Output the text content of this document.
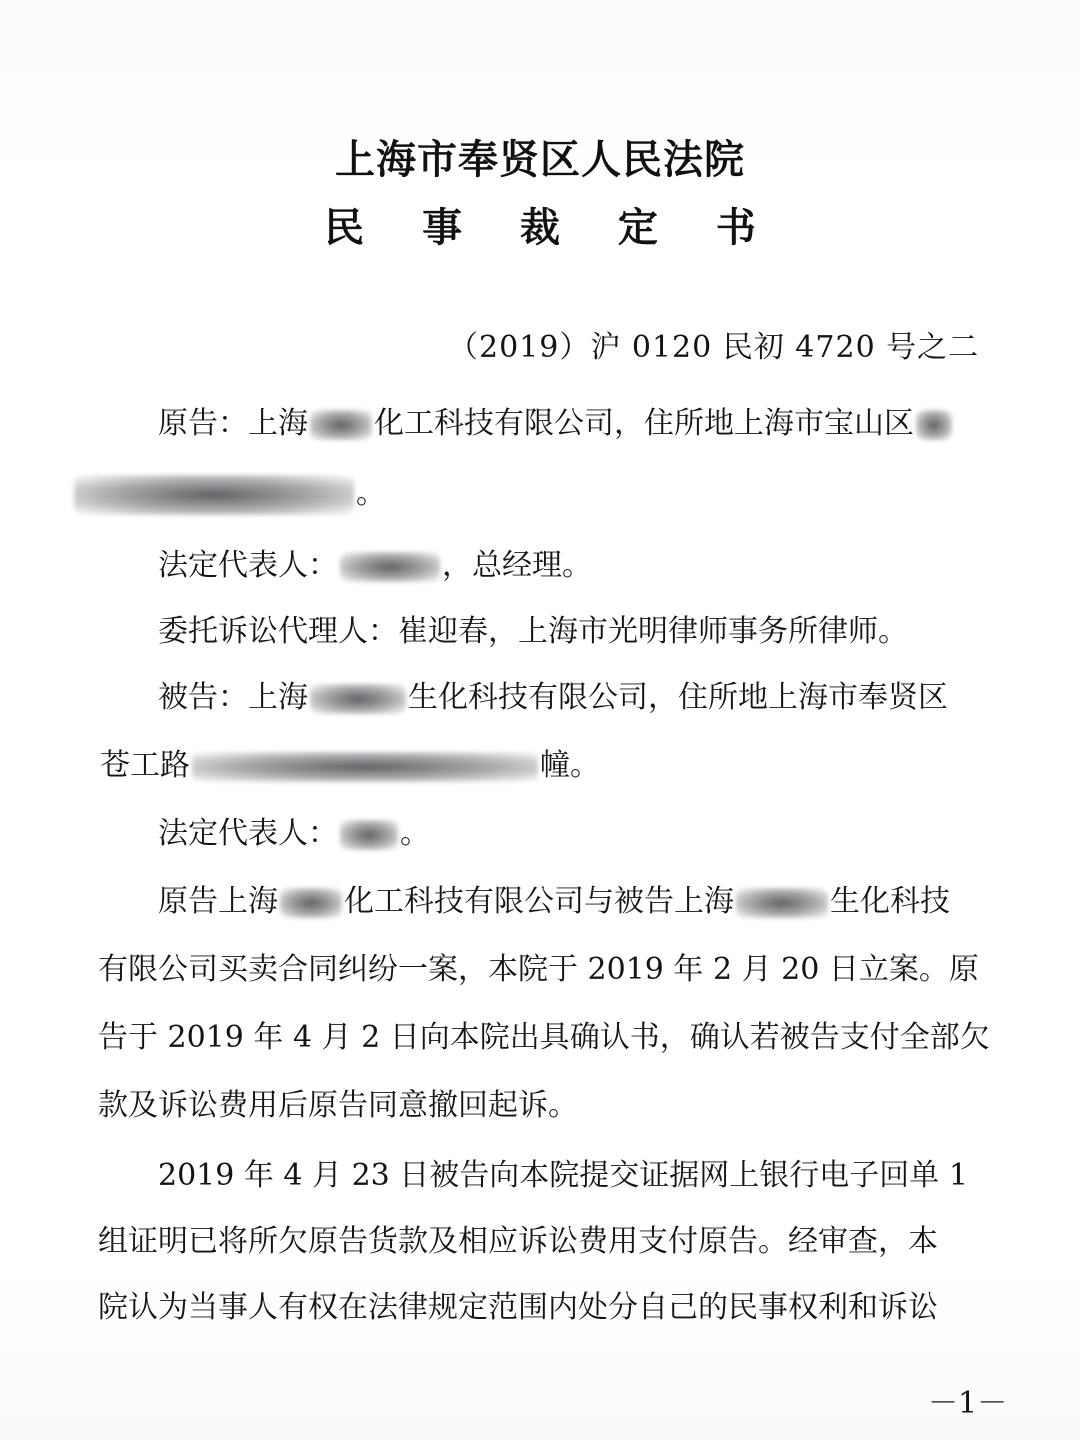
上海市奉贤区人民法院
民 事 裁 定 书
（2019）沪 0120 民初 4720 号之二
原告：上海 化工科技有限公司，住所地上海市宝山区
。
法定代表人：	，总经理。
委托诉讼代理人：崔迎春，上海市光明律师事务所律师。
被告：上海	生化科技有限公司，住所地上海市奉贤区
苍工路	幢。
法定代表人： 。
原告上海 化工科技有限公司与被告上海	生化科技
有限公司买卖合同纠纷一案，本院于 2019 年 2 月 20 日立案。原
告于 2019 年 4 月 2 日向本院出具确认书，确认若被告支付全部欠
款及诉讼费用后原告同意撤回起诉。
2019 年 4 月 23 日被告向本院提交证据网上银行电子回单 1
组证明已将所欠原告货款及相应诉讼费用支付原告。经审查，本
院认为当事人有权在法律规定范围内处分自己的民事权利和诉讼
－1－
